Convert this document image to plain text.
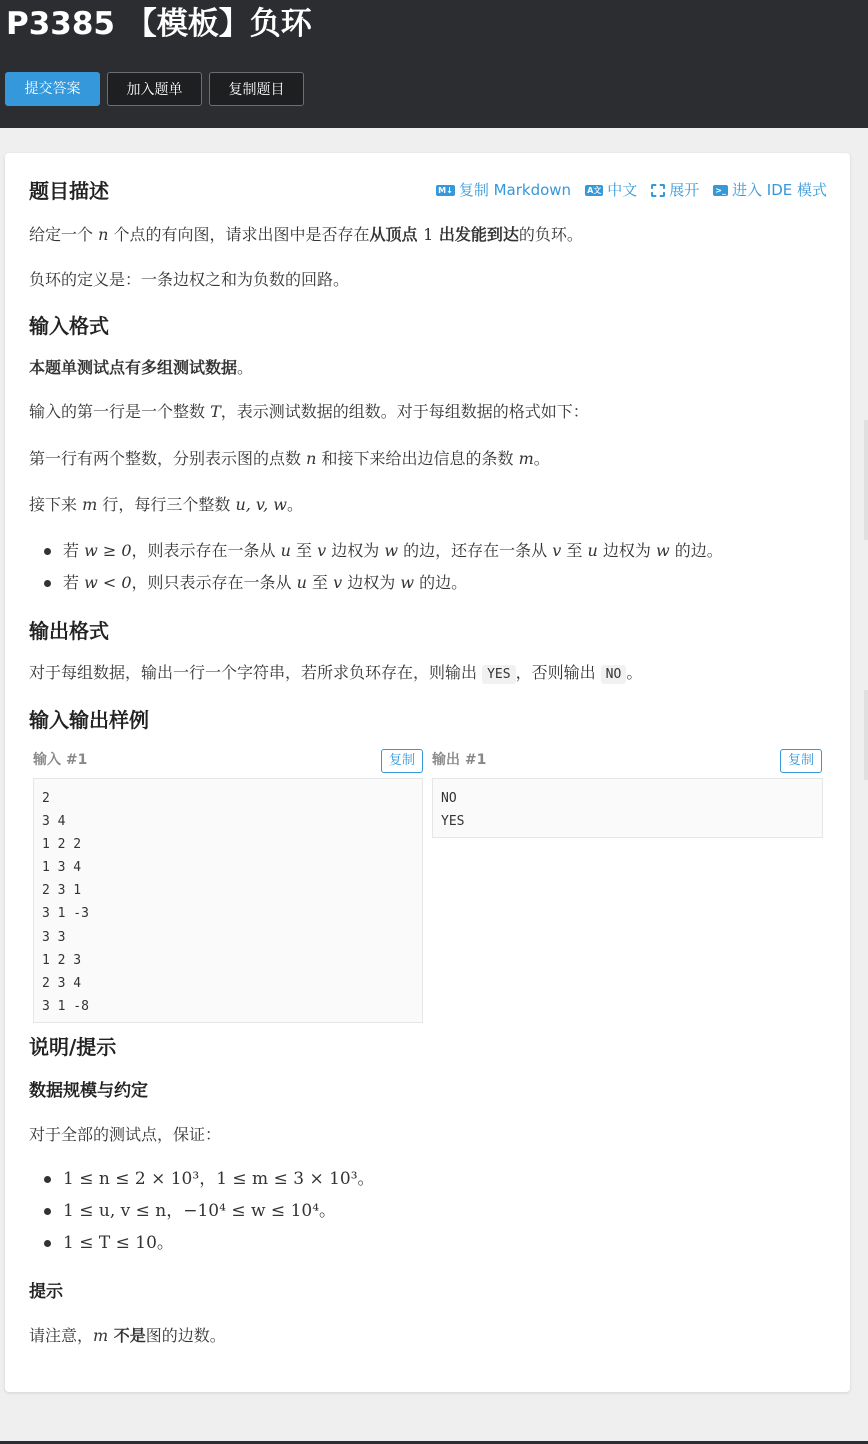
P3385 【模板】负环
提交答案	加入题单	复制题目
M↓ 复制 Markdown A文 中文 展开 >_ 进入 IDE 模式
题目描述

给定一个 n 个点的有向图，请求出图中是否存在从顶点 1 出发能到达的负环。

负环的定义是：一条边权之和为负数的回路。

输入格式

本题单测试点有多组测试数据。

输入的第一行是一个整数 T，表示测试数据的组数。对于每组数据的格式如下：

第一行有两个整数，分别表示图的点数 n 和接下来给出边信息的条数 m。

接下来 m 行，每行三个整数 u, v, w。

若 w ≥ 0，则表示存在一条从 u 至 v 边权为 w 的边，还存在一条从 v 至 u 边权为 w 的边。
若 w < 0，则只表示存在一条从 u 至 v 边权为 w 的边。
输出格式

对于每组数据，输出一行一个字符串，若所求负环存在，则输出 YES ，否则输出 NO 。

输入输出样例
输入 #1	复制
2
3 4
1 2 2
1 3 4
2 3 1
3 1 -3
3 3
1 2 3
2 3 4
3 1 -8
输出 #1	复制
NO
YES
说明/提示
数据规模与约定

对于全部的测试点，保证：

1 ≤ n ≤ 2 × 10³，1 ≤ m ≤ 3 × 10³。
1 ≤ u, v ≤ n，−10⁴ ≤ w ≤ 10⁴。
1 ≤ T ≤ 10。
提示

请注意，m 不是图的边数。
